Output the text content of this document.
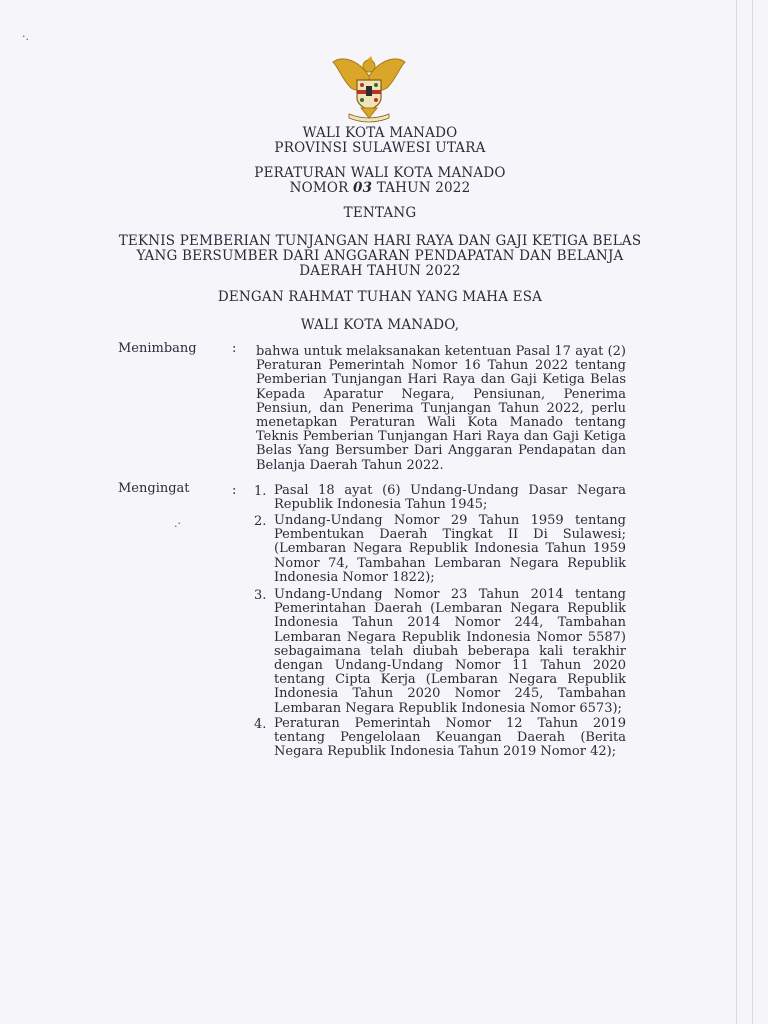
·.
.·
WALI KOTA MANADO
PROVINSI SULAWESI UTARA
PERATURAN WALI KOTA MANADO
NOMOR 03 TAHUN 2022
TENTANG
TEKNIS PEMBERIAN TUNJANGAN HARI RAYA DAN GAJI KETIGA BELAS
YANG BERSUMBER DARI ANGGARAN PENDAPATAN DAN BELANJA
DAERAH TAHUN 2022
DENGAN RAHMAT TUHAN YANG MAHA ESA
WALI KOTA MANADO,
Menimbang	: bahwa untuk melaksanakan ketentuan Pasal 17 ayat (2) Peraturan Pemerintah Nomor 16 Tahun 2022 tentang Pemberian Tunjangan Hari Raya dan Gaji Ketiga Belas Kepada Aparatur Negara, Pensiunan, Penerima Pensiun, dan Penerima Tunjangan Tahun 2022, perlu menetapkan Peraturan Wali Kota Manado tentang Teknis Pemberian Tunjangan Hari Raya dan Gaji Ketiga Belas Yang Bersumber Dari Anggaran Pendapatan dan Belanja Daerah Tahun 2022.
Mengingat	: 1. Pasal 18 ayat (6) Undang-Undang Dasar Negara Republik Indonesia Tahun 1945;
2. Undang-Undang Nomor 29 Tahun 1959 tentang Pembentukan Daerah Tingkat II Di Sulawesi; (Lembaran Negara Republik Indonesia Tahun 1959 Nomor 74, Tambahan Lembaran Negara Republik Indonesia Nomor 1822);
3. Undang-Undang Nomor 23 Tahun 2014 tentang Pemerintahan Daerah (Lembaran Negara Republik Indonesia Tahun 2014 Nomor 244, Tambahan Lembaran Negara Republik Indonesia Nomor 5587) sebagaimana telah diubah beberapa kali terakhir dengan Undang-Undang Nomor 11 Tahun 2020 tentang Cipta Kerja (Lembaran Negara Republik Indonesia Tahun 2020 Nomor 245, Tambahan Lembaran Negara Republik Indonesia Nomor 6573);
4. Peraturan Pemerintah Nomor 12 Tahun 2019 tentang Pengelolaan Keuangan Daerah (Berita Negara Republik Indonesia Tahun 2019 Nomor 42);
